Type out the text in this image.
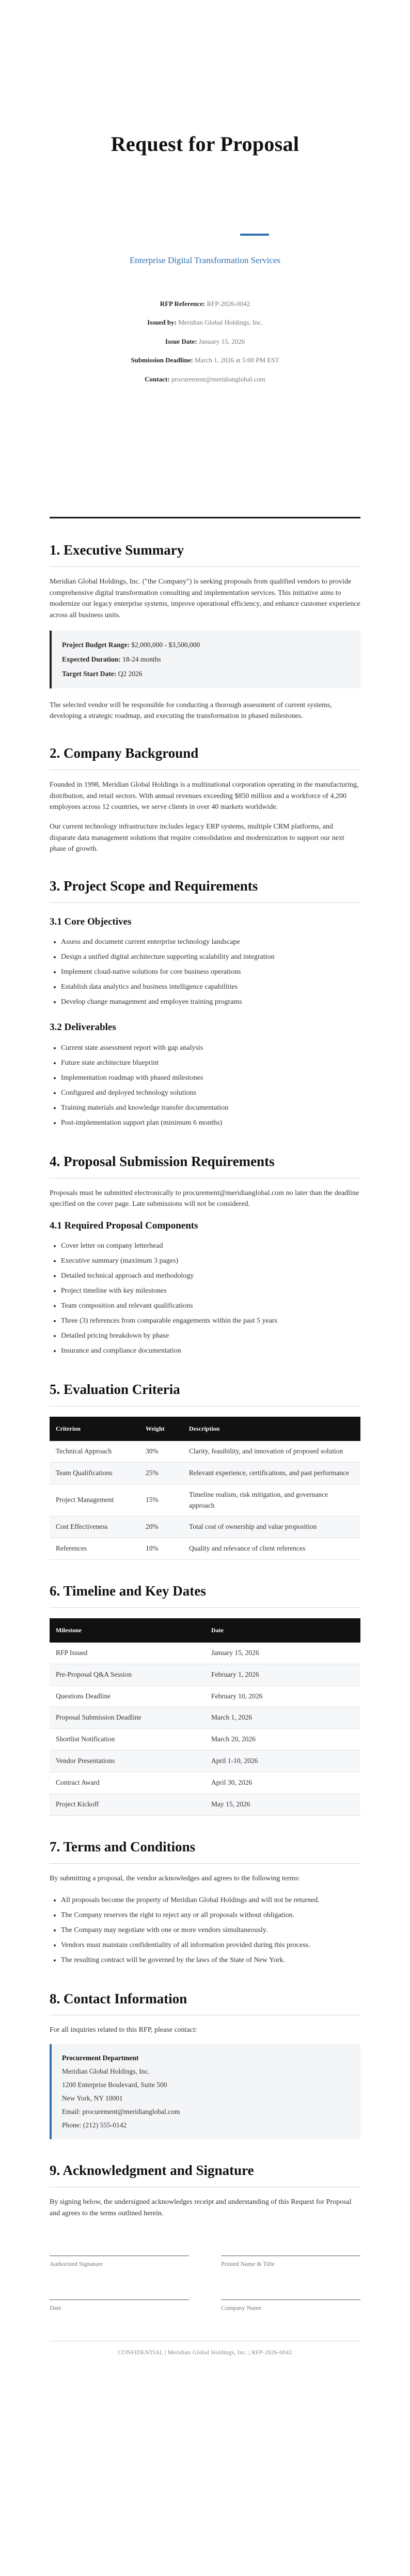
Request for Proposal
Enterprise Digital Transformation Services
RFP Reference: RFP-2026-0042
Issued by: Meridian Global Holdings, Inc.
Issue Date: January 15, 2026
Submission Deadline: March 1, 2026 at 5:00 PM EST
Contact: procurement@meridianglobal.com
1. Executive Summary

Meridian Global Holdings, Inc. ("the Company") is seeking proposals from qualified vendors to provide comprehensive digital transformation consulting and implementation services. This initiative aims to modernize our legacy enterprise systems, improve operational efficiency, and enhance customer experience across all business units.

Project Budget Range: $2,000,000 - $3,500,000
Expected Duration: 18-24 months
Target Start Date: Q2 2026

The selected vendor will be responsible for conducting a thorough assessment of current systems, developing a strategic roadmap, and executing the transformation in phased milestones.

2. Company Background

Founded in 1998, Meridian Global Holdings is a multinational corporation operating in the manufacturing, distribution, and retail sectors. With annual revenues exceeding $850 million and a workforce of 4,200 employees across 12 countries, we serve clients in over 40 markets worldwide.

Our current technology infrastructure includes legacy ERP systems, multiple CRM platforms, and disparate data management solutions that require consolidation and modernization to support our next phase of growth.

3. Project Scope and Requirements
3.1 Core Objectives
• Assess and document current enterprise technology landscape
• Design a unified digital architecture supporting scalability and integration
• Implement cloud-native solutions for core business operations
• Establish data analytics and business intelligence capabilities
• Develop change management and employee training programs
3.2 Deliverables
• Current state assessment report with gap analysis
• Future state architecture blueprint
• Implementation roadmap with phased milestones
• Configured and deployed technology solutions
• Training materials and knowledge transfer documentation
• Post-implementation support plan (minimum 6 months)
4. Proposal Submission Requirements

Proposals must be submitted electronically to procurement@meridianglobal.com no later than the deadline specified on the cover page. Late submissions will not be considered.

4.1 Required Proposal Components
• Cover letter on company letterhead
• Executive summary (maximum 3 pages)
• Detailed technical approach and methodology
• Project timeline with key milestones
• Team composition and relevant qualifications
• Three (3) references from comparable engagements within the past 5 years
• Detailed pricing breakdown by phase
• Insurance and compliance documentation
5. Evaluation Criteria
Criterion	Weight	Description
Technical Approach	30%	Clarity, feasibility, and innovation of proposed solution
Team Qualifications	25%	Relevant experience, certifications, and past performance
Project Management	15%	Timeline realism, risk mitigation, and governance approach
Cost Effectiveness	20%	Total cost of ownership and value proposition
References	10%	Quality and relevance of client references
6. Timeline and Key Dates
Milestone	Date
RFP Issued	January 15, 2026
Pre-Proposal Q&A Session	February 1, 2026
Questions Deadline	February 10, 2026
Proposal Submission Deadline	March 1, 2026
Shortlist Notification	March 20, 2026
Vendor Presentations	April 1-10, 2026
Contract Award	April 30, 2026
Project Kickoff	May 15, 2026
7. Terms and Conditions

By submitting a proposal, the vendor acknowledges and agrees to the following terms:

• All proposals become the property of Meridian Global Holdings and will not be returned.
• The Company reserves the right to reject any or all proposals without obligation.
• The Company may negotiate with one or more vendors simultaneously.
• Vendors must maintain confidentiality of all information provided during this process.
• The resulting contract will be governed by the laws of the State of New York.
8. Contact Information

For all inquiries related to this RFP, please contact:

Procurement Department
Meridian Global Holdings, Inc.
1200 Enterprise Boulevard, Suite 500
New York, NY 10001
Email: procurement@meridianglobal.com
Phone: (212) 555-0142
9. Acknowledgment and Signature

By signing below, the undersigned acknowledges receipt and understanding of this Request for Proposal and agrees to the terms outlined herein.

Authorized Signature	Printed Name & Title
Date	Company Name
CONFIDENTIAL | Meridian Global Holdings, Inc. | RFP-2026-0042
